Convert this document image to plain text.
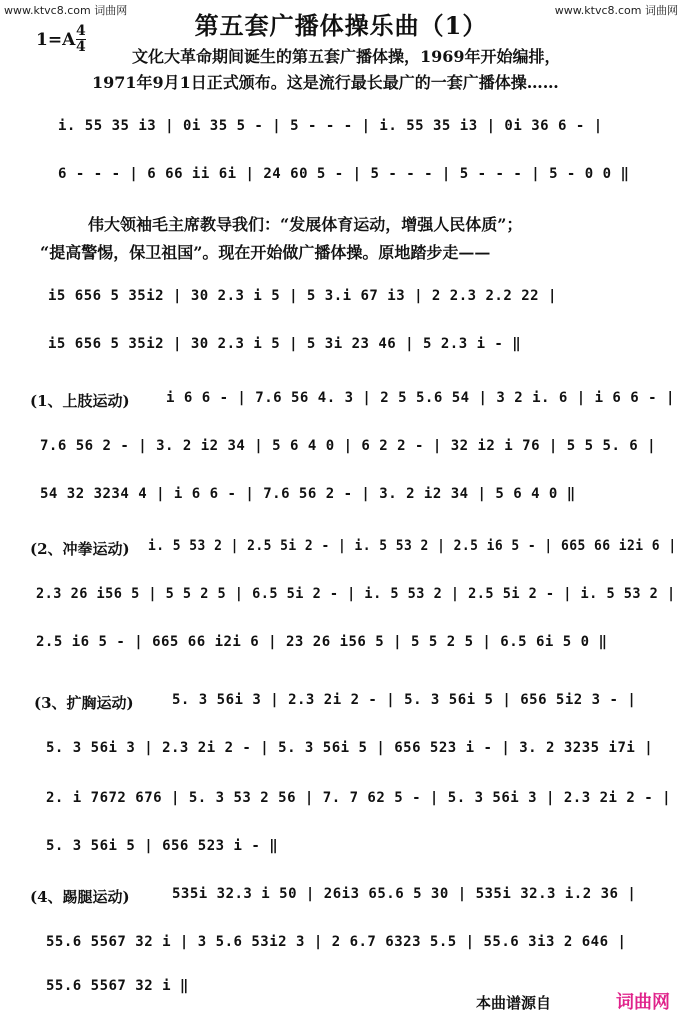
www.ktvc8.com 词曲网	www.ktvc8.com 词曲网
第五套广播体操乐曲（1）
1=A 4
4	文化大革命期间诞生的第五套广播体操，1969年开始编排，
1971年9月1日正式颁布。这是流行最长最广的一套广播体操……
i. 55 35 i3 | 0i 35 5 - | 5 - - - | i. 55 35 i3 | 0i 36 6 - |
6 - - - | 6 66 ii 6i | 24 60 5 - | 5 - - - | 5 - - - | 5 - 0 0 ‖
伟大领袖毛主席教导我们：“发展体育运动，增强人民体质”；
“提高警惕，保卫祖国”。现在开始做广播体操。原地踏步走——
i5 656 5 35i2 | 30 2.3 i 5 | 5 3.i 67 i3 | 2 2.3 2.2 22 |
i5 656 5 35i2 | 30 2.3 i 5 | 5 3i 23 46 | 5 2.3 i - ‖
(1、上肢运动)	i 6 6 - | 7.6 56 4. 3 | 2 5 5.6 54 | 3 2 i. 6 | i 6 6 - |
7.6 56 2 - | 3. 2 i2 34 | 5 6 4 0 | 6 2 2 - | 32 i2 i 76 | 5 5 5. 6 |
54 32 3234 4 | i 6 6 - | 7.6 56 2 - | 3. 2 i2 34 | 5 6 4 0 ‖
(2、冲拳运动) i. 5 53 2 | 2.5 5i 2 - | i. 5 53 2 | 2.5 i6 5 - | 665 66 i2i 6 |
2.3 26 i56 5 | 5 5 2 5 | 6.5 5i 2 - | i. 5 53 2 | 2.5 5i 2 - | i. 5 53 2 |
2.5 i6 5 - | 665 66 i2i 6 | 23 26 i56 5 | 5 5 2 5 | 6.5 6i 5 0 ‖
(3、扩胸运动)	5. 3 56i 3 | 2.3 2i 2 - | 5. 3 56i 5 | 656 5i2 3 - |
5. 3 56i 3 | 2.3 2i 2 - | 5. 3 56i 5 | 656 523 i - | 3. 2 3235 i7i |
2. i 7672 676 | 5. 3 53 2 56 | 7. 7 62 5 - | 5. 3 56i 3 | 2.3 2i 2 - |
5. 3 56i 5 | 656 523 i - ‖
(4、踢腿运动)	535i 32.3 i 50 | 26i3 65.6 5 30 | 535i 32.3 i.2 36 |
55.6 5567 32 i | 3 5.6 53i2 3 | 2 6.7 6323 5.5 | 55.6 3i3 2 646 |
55.6 5567 32 i ‖
本曲谱源自	词曲网
